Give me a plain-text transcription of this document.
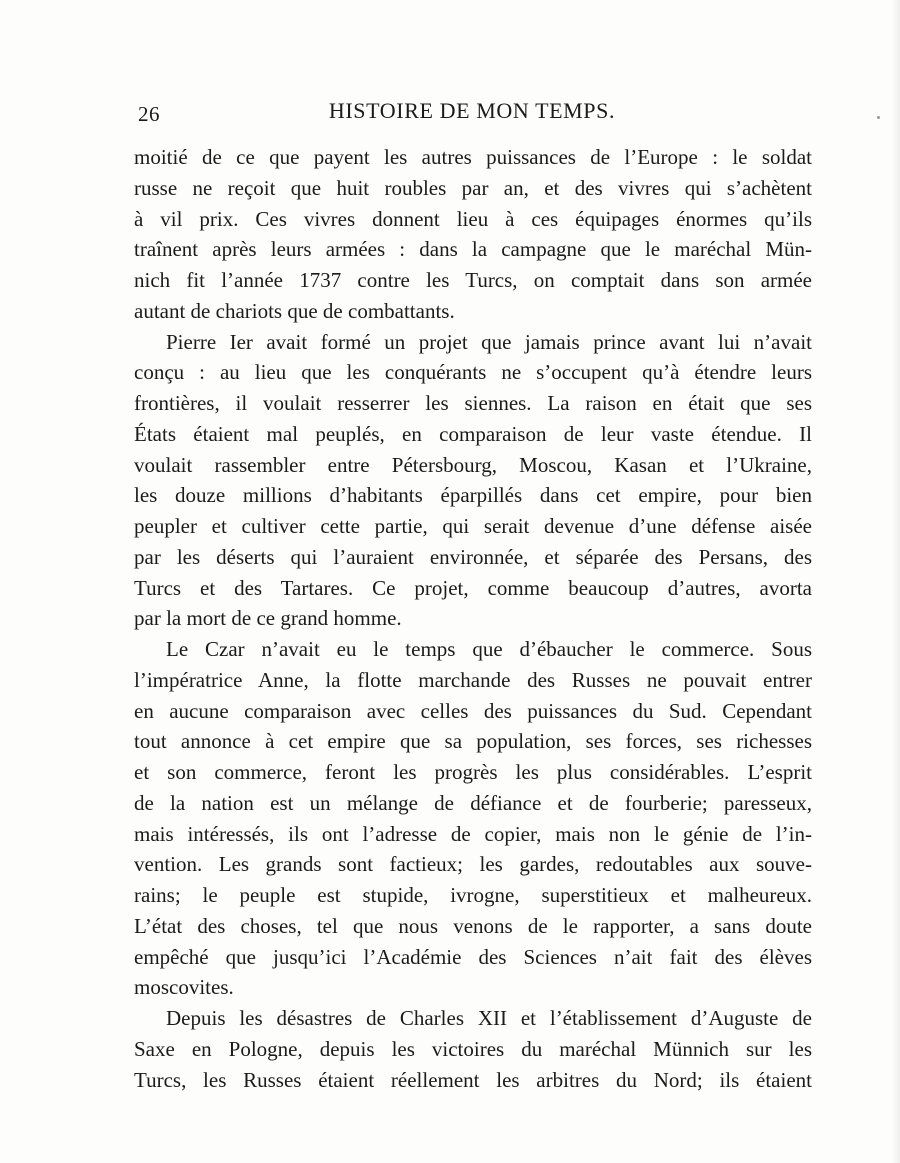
26	HISTOIRE DE MON TEMPS.

moitié de ce que payent les autres puissances de l’Europe : le soldat
russe ne reçoit que huit roubles par an, et des vivres qui s’achètent
à vil prix. Ces vivres donnent lieu à ces équipages énormes qu’ils
traînent après leurs armées : dans la campagne que le maréchal Mün-
nich fit l’année 1737 contre les Turcs, on comptait dans son armée
autant de chariots que de combattants.

Pierre Ier avait formé un projet que jamais prince avant lui n’avait
conçu : au lieu que les conquérants ne s’occupent qu’à étendre leurs
frontières, il voulait resserrer les siennes. La raison en était que ses
États étaient mal peuplés, en comparaison de leur vaste étendue. Il
voulait rassembler entre Pétersbourg, Moscou, Kasan et l’Ukraine,
les douze millions d’habitants éparpillés dans cet empire, pour bien
peupler et cultiver cette partie, qui serait devenue d’une défense aisée
par les déserts qui l’auraient environnée, et séparée des Persans, des
Turcs et des Tartares. Ce projet, comme beaucoup d’autres, avorta
par la mort de ce grand homme.

Le Czar n’avait eu le temps que d’ébaucher le commerce. Sous
l’impératrice Anne, la flotte marchande des Russes ne pouvait entrer
en aucune comparaison avec celles des puissances du Sud. Cependant
tout annonce à cet empire que sa population, ses forces, ses richesses
et son commerce, feront les progrès les plus considérables. L’esprit
de la nation est un mélange de défiance et de fourberie; paresseux,
mais intéressés, ils ont l’adresse de copier, mais non le génie de l’in-
vention. Les grands sont factieux; les gardes, redoutables aux souve-
rains; le peuple est stupide, ivrogne, superstitieux et malheureux.
L’état des choses, tel que nous venons de le rapporter, a sans doute
empêché que jusqu’ici l’Académie des Sciences n’ait fait des élèves
moscovites.

Depuis les désastres de Charles XII et l’établissement d’Auguste de
Saxe en Pologne, depuis les victoires du maréchal Münnich sur les
Turcs, les Russes étaient réellement les arbitres du Nord; ils étaient
